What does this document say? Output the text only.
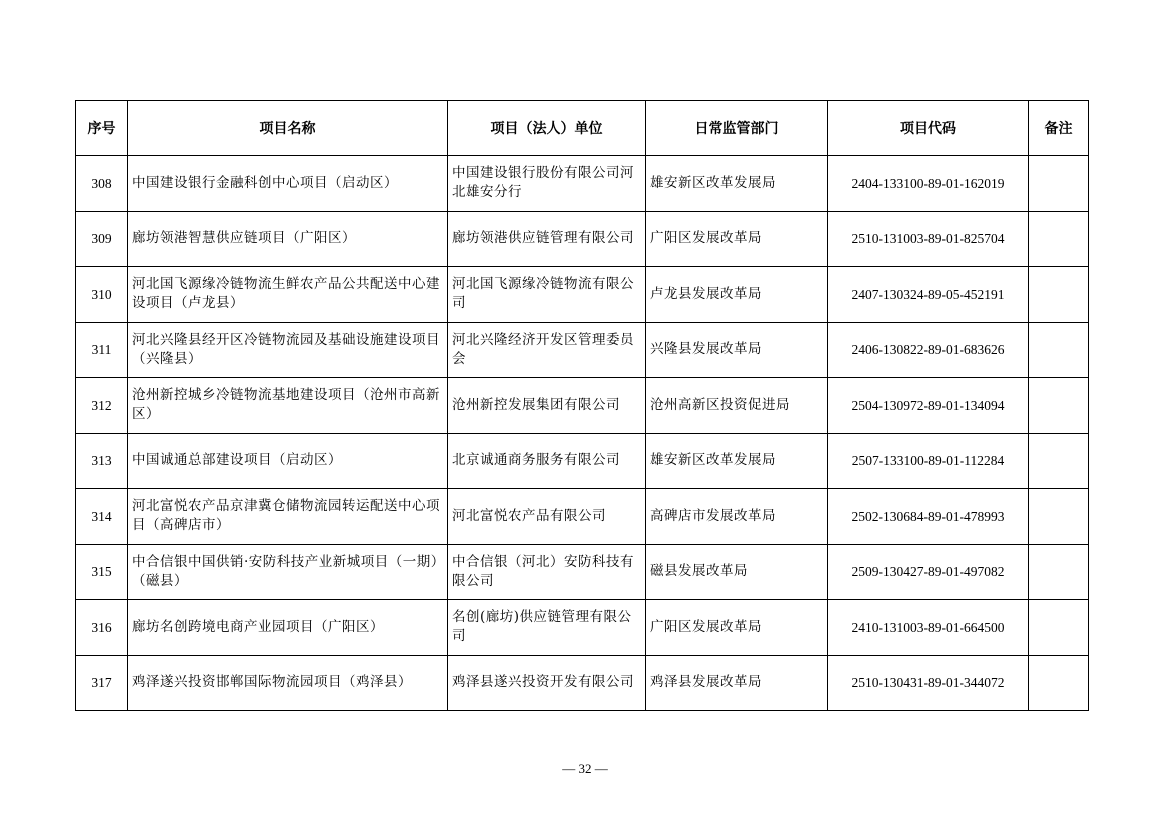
序号	项目名称	项目（法人）单位	日常监管部门	项目代码	备注
308	中国建设银行金融科创中心项目（启动区）	中国建设银行股份有限公司河北雄安分行	雄安新区改革发展局	2404-133100-89-01-162019	
309	廊坊领港智慧供应链项目（广阳区）	廊坊领港供应链管理有限公司	广阳区发展改革局	2510-131003-89-01-825704	
310	河北国飞源缘冷链物流生鲜农产品公共配送中心建设项目（卢龙县）	河北国飞源缘冷链物流有限公司	卢龙县发展改革局	2407-130324-89-05-452191	
311	河北兴隆县经开区冷链物流园及基础设施建设项目（兴隆县）	河北兴隆经济开发区管理委员会	兴隆县发展改革局	2406-130822-89-01-683626	
312	沧州新控城乡冷链物流基地建设项目（沧州市高新区）	沧州新控发展集团有限公司	沧州高新区投资促进局	2504-130972-89-01-134094	
313	中国诚通总部建设项目（启动区）	北京诚通商务服务有限公司	雄安新区改革发展局	2507-133100-89-01-112284	
314	河北富悦农产品京津冀仓储物流园转运配送中心项目（高碑店市）	河北富悦农产品有限公司	高碑店市发展改革局	2502-130684-89-01-478993	
315	中合信银中国供销·安防科技产业新城项目（一期）（磁县）	中合信银（河北）安防科技有限公司	磁县发展改革局	2509-130427-89-01-497082	
316	廊坊名创跨境电商产业园项目（广阳区）	名创(廊坊)供应链管理有限公司	广阳区发展改革局	2410-131003-89-01-664500	
317	鸡泽遂兴投资邯郸国际物流园项目（鸡泽县）	鸡泽县遂兴投资开发有限公司	鸡泽县发展改革局	2510-130431-89-01-344072	
— 32 —
